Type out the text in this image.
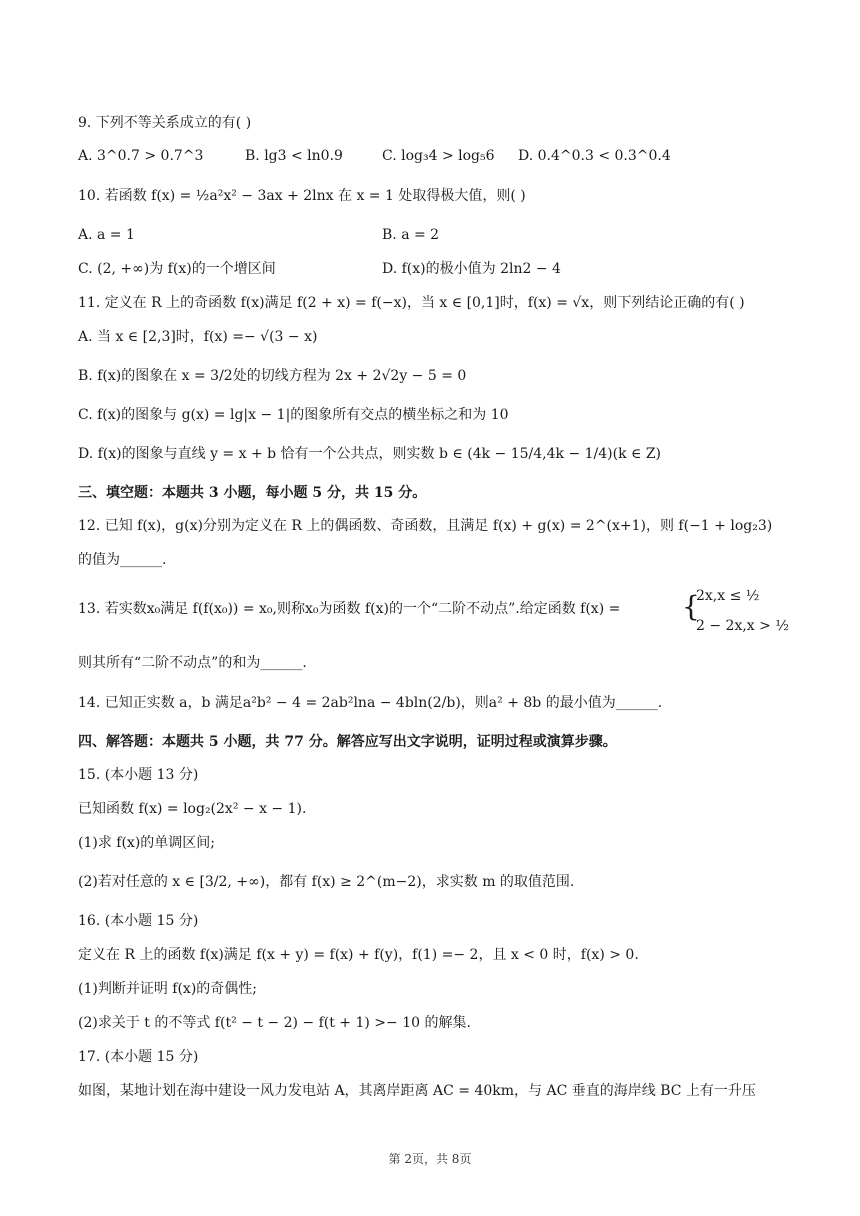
9. 下列不等关系成立的有( )
A. 3^0.7 > 0.7^3	B. lg3 < ln0.9	C. log₃4 > log₅6 D. 0.4^0.3 < 0.3^0.4
10. 若函数 f(x) = ½a²x² − 3ax + 2lnx 在 x = 1 处取得极大值，则( )
A. a = 1	B. a = 2
C. (2, +∞)为 f(x)的一个增区间	D. f(x)的极小值为 2ln2 − 4
11. 定义在 R 上的奇函数 f(x)满足 f(2 + x) = f(−x)，当 x ∈ [0,1]时，f(x) = √x，则下列结论正确的有( )
A. 当 x ∈ [2,3]时，f(x) =− √(3 − x)
B. f(x)的图象在 x = 3/2处的切线方程为 2x + 2√2y − 5 = 0
C. f(x)的图象与 g(x) = lg|x − 1|的图象所有交点的横坐标之和为 10
D. f(x)的图象与直线 y = x + b 恰有一个公共点，则实数 b ∈ (4k − 15/4,4k − 1/4)(k ∈ Z)
三、填空题：本题共 3 小题，每小题 5 分，共 15 分。
12. 已知 f(x)，g(x)分别为定义在 R 上的偶函数、奇函数，且满足 f(x) + g(x) = 2^(x+1)，则 f(−1 + log₂3)
的值为______.
13. 若实数x₀满足 f(f(x₀)) = x₀,则称x₀为函数 f(x)的一个“二阶不动点”.给定函数 f(x) = {
2x,x ≤ ½
2 − 2x,x > ½
则其所有“二阶不动点”的和为______.
14. 已知正实数 a，b 满足a²b² − 4 = 2ab²lna − 4bln(2/b)，则a² + 8b 的最小值为______.
四、解答题：本题共 5 小题，共 77 分。解答应写出文字说明，证明过程或演算步骤。
15. (本小题 13 分)
已知函数 f(x) = log₂(2x² − x − 1).
(1)求 f(x)的单调区间;
(2)若对任意的 x ∈ [3/2, +∞)，都有 f(x) ≥ 2^(m−2)，求实数 m 的取值范围.
16. (本小题 15 分)
定义在 R 上的函数 f(x)满足 f(x + y) = f(x) + f(y)，f(1) =− 2，且 x < 0 时，f(x) > 0.
(1)判断并证明 f(x)的奇偶性;
(2)求关于 t 的不等式 f(t² − t − 2) − f(t + 1) >− 10 的解集.
17. (本小题 15 分)
如图，某地计划在海中建设一风力发电站 A，其离岸距离 AC = 40km，与 AC 垂直的海岸线 BC 上有一升压
第 2页，共 8页
